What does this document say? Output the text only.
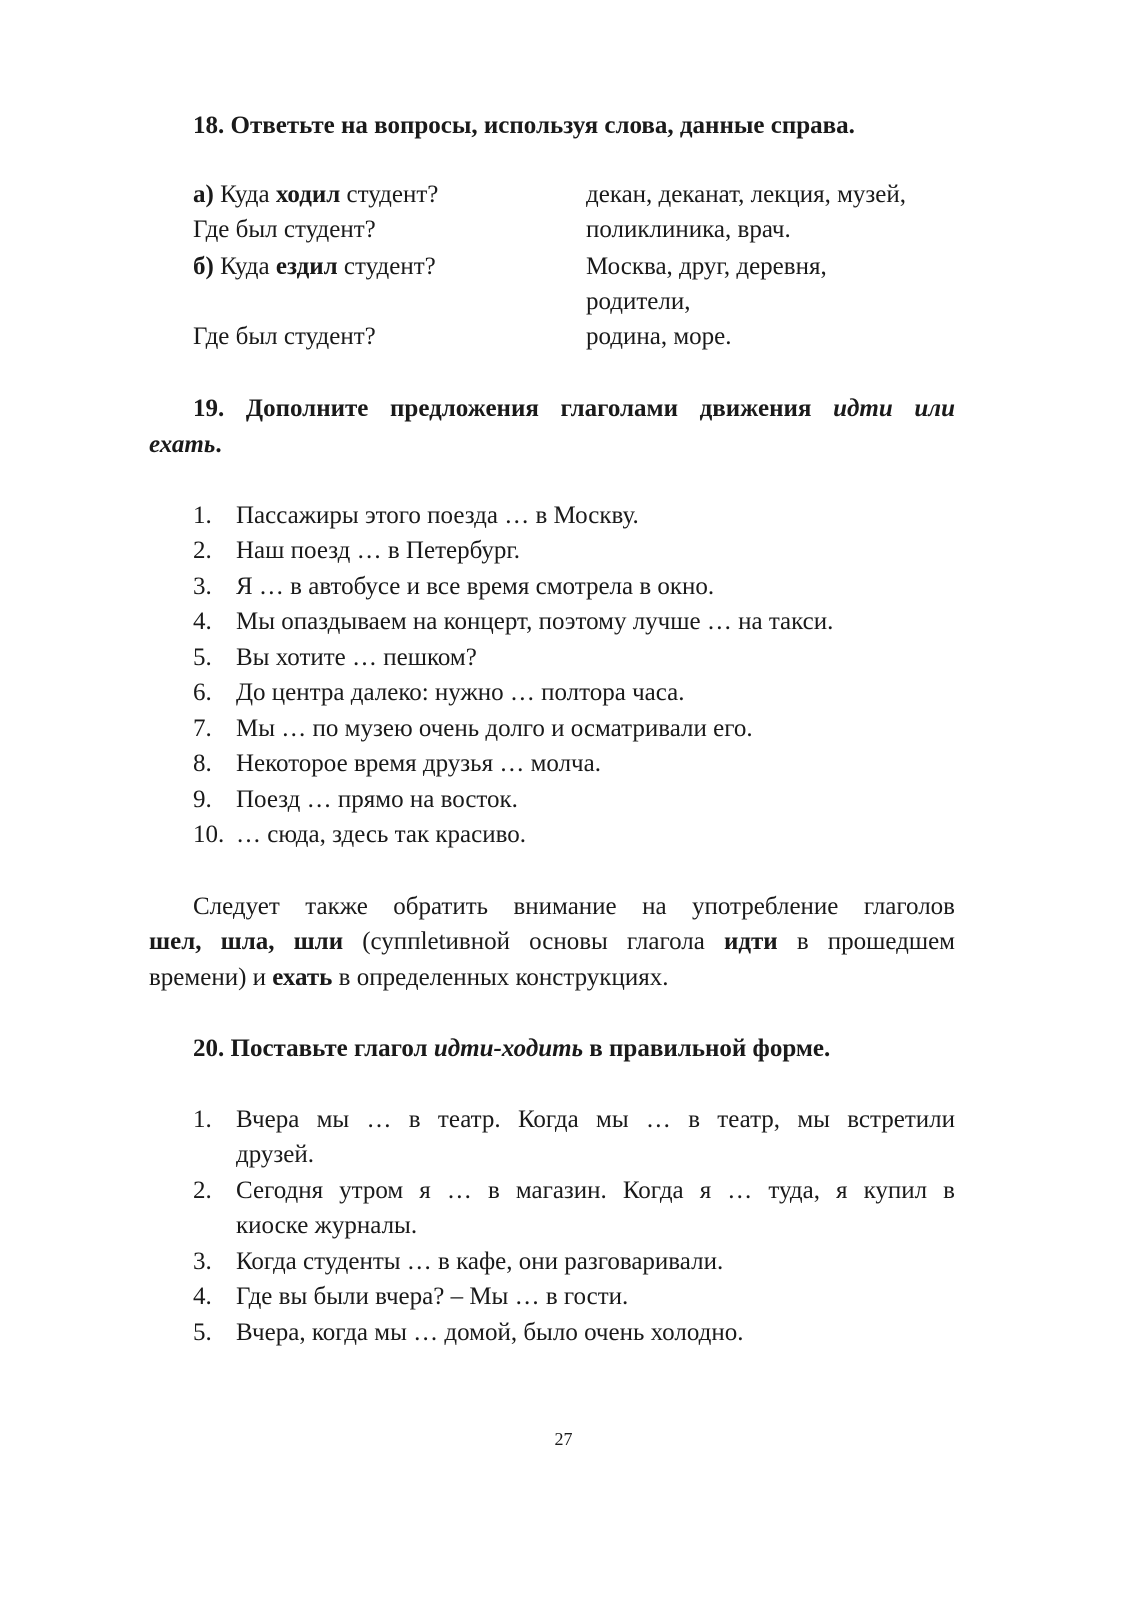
18. Ответьте на вопросы, используя слова, данные справа.
а) Куда ходил студент?	декан, деканат, лекция, музей,
Где был студент?	поликлиника, врач.
б) Куда ездил студент?	Москва, друг, деревня,
родители,
Где был студент?	родина, море.
19. Дополните предложения глаголами движения идти или
ехать.
1. Пассажиры этого поезда … в Москву.
2. Наш поезд … в Петербург.
3. Я … в автобусе и все время смотрела в окно.
4. Мы опаздываем на концерт, поэтому лучше … на такси.
5. Вы хотите … пешком?
6. До центра далеко: нужно … полтора часа.
7. Мы … по музею очень долго и осматривали его.
8. Некоторое время друзья … молча.
9. Поезд … прямо на восток.
10. … сюда, здесь так красиво.
Следует также обратить внимание на употребление глаголов
шел, шла, шли (суппletивной основы глагола идти в прошедшем
времени) и ехать в определенных конструкциях.
20. Поставьте глагол идти-ходить в правильной форме.
1. Вчера мы … в театр. Когда мы … в театр, мы встретили
друзей.
2. Сегодня утром я … в магазин. Когда я … туда, я купил в
киоске журналы.
3. Когда студенты … в кафе, они разговаривали.
4. Где вы были вчера? – Мы … в гости.
5. Вчера, когда мы … домой, было очень холодно.
27
